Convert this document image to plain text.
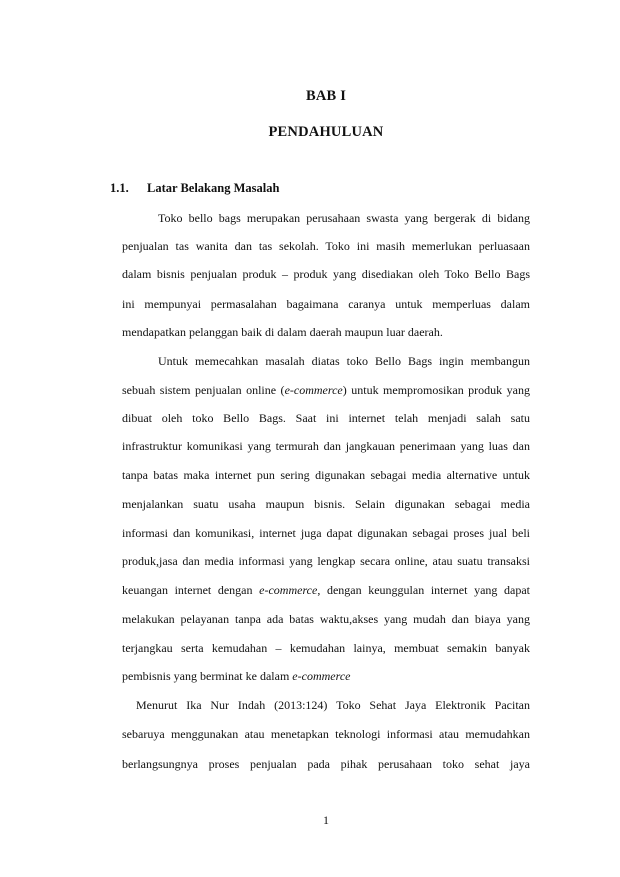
BAB I
PENDAHULUAN
1.1. Latar Belakang Masalah
Toko bello bags merupakan perusahaan swasta yang bergerak di bidang
penjualan tas wanita dan tas sekolah. Toko ini masih memerlukan perluasaan
dalam bisnis penjualan produk – produk yang disediakan oleh Toko Bello Bags
ini mempunyai permasalahan bagaimana caranya untuk memperluas dalam
mendapatkan pelanggan baik di dalam daerah maupun luar daerah.
Untuk memecahkan masalah diatas toko Bello Bags ingin membangun
sebuah sistem penjualan online (e-commerce) untuk mempromosikan produk yang
dibuat oleh toko Bello Bags. Saat ini internet telah menjadi salah satu
infrastruktur komunikasi yang termurah dan jangkauan penerimaan yang luas dan
tanpa batas maka internet pun sering digunakan sebagai media alternative untuk
menjalankan suatu usaha maupun bisnis. Selain digunakan sebagai media
informasi dan komunikasi, internet juga dapat digunakan sebagai proses jual beli
produk,jasa dan media informasi yang lengkap secara online, atau suatu transaksi
keuangan internet dengan e-commerce, dengan keunggulan internet yang dapat
melakukan pelayanan tanpa ada batas waktu,akses yang mudah dan biaya yang
terjangkau serta kemudahan – kemudahan lainya, membuat semakin banyak
pembisnis yang berminat ke dalam e-commerce
Menurut Ika Nur Indah (2013:124) Toko Sehat Jaya Elektronik Pacitan
sebaruya menggunakan atau menetapkan teknologi informasi atau memudahkan
berlangsungnya proses penjualan pada pihak perusahaan toko sehat jaya
1
